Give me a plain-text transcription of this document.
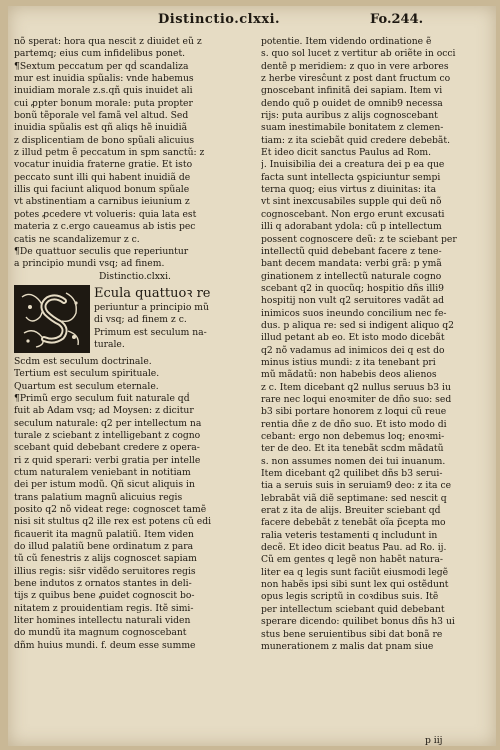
Distinctio.clxxi.	Fo.244.
nõ sperat: hora qua nescit z diuidet eũ z
partemq; eius cum infidelibus ponet.
¶Sextum peccatum per qḋ scandaliza
mur est inuidia spũalis: vnde habemus
inuidiam morale z.s.qñ quis inuidet ali
cui ꝓpter bonum morale: puta propter
bonũ tẽporale vel famã vel altud. Sed
inuidia spũalis est qñ aliqs hẽ inuidiã
z displicentiam de bono spũali alicuius
z illud petm ẽ peccatum in spm sanctũ: z
vocatur inuidia fraterne gratie. Et isto
peccato sunt illi qui habent inuidiã de
illis qui faciunt aliquod bonum spũale
vt abstinentiam a carnibus ieiunium z
potes ꝓcedere vt volueris: quia lata est
materia z c.ergo caueamus ab istis pec
catis ne scandalizemur z c.
¶De quattuor seculis que reperiuntur
a principio mundi vsq; ad finem.
Distinctio.clxxi.
Ecula quattuoꝛ re
periuntur a principio mũ
di vsq; ad finem z c.
Primum est seculum na-
turale.
Scdm est seculum doctrinale.
Tertium est seculum spirituale.
Quartum est seculum eternale.
¶Primũ ergo seculum fuit naturale qḋ
fuit ab Adam vsq; ad Moysen: z dicitur
seculum naturale: q2 per intellectum na
turale z sciebant z intelligebant z cogno
scebant quid debebant credere z opera-
ri z quid sperari: verbi gratia per intelle
ctum naturalem veniebant in notitiam
dei per istum modũ. Qñ sicut aliquis in
trans palatium magnũ alicuius regis
posito q2 nõ videat rege: cognoscet tamẽ
nisi sit stultus q2 ille rex est potens cũ edi
ficauerit ita magnũ palatiũ. Item viden
do illud palatiũ bene ordinatum z para
tũ cũ fenestris z alijs cognoscet sapiam
illius regis: sis̃r vidẽdo seruitores regis
bene indutos z ornatos stantes in deli-
tijs z quibus bene ꝓuidet cognoscit bo-
nitatem z prouidentiam regis. Itẽ simi-
liter homines intellectu naturali viden
do mundũ ita magnum cognoscebant
dñm huius mundi. f. deum esse summe
potentie. Item videndo ordinatione ẽ
s. quo sol lucet z vertitur ab oriẽte in occi
dentẽ p meridiem: z quo in vere arbores
z herbe viresĉunt z post dant fructum co
gnoscebant infinitã dei sapiam. Item vi
dendo quõ p ouidet de omnib9 necessa
rijs: puta auribus z alijs cognoscebant
suam inestimabile bonitatem z clemen-
tiam: z ita sciebãt quid credere debebãt.
Et ideo dicit sanctus Paulus ad Rom.
j. Inuisibilia dei a creatura dei p ea que
facta sunt intellecta ꝯspiciuntur sempi
terna quoq; eius virtus z diuinitas: ita
vt sint inexcusabiles supple qui deũ nõ
cognoscebant. Non ergo erunt excusati
illi q adorabant ydola: cũ p intellectum
possent cognoscere deũ: z te sciebant per
intellectũ quid debebant facere z tene-
bant decem mandata: verbi grã: p ymã
ginationem z intellectũ naturale cogno
scebant q2 in quocũq; hospitio dñs illi9
hospitij non vult q2 seruitores vadãt ad
inimicos suos ineundo concilium nec fe-
dus. p aliqua re: sed si indigent aliquo q2
illud petant ab eo. Et isto modo dicebãt
q2 nõ vadamus ad inimicos dei q est do
minus istius mundi: z ita tenebant pri
mũ mãdatũ: non habebis deos alienos
z c. Item dicebant q2 nullus seruus b3 iu
rare nec loqui enoꝛmiter de dño suo: sed
b3 sibi portare honorem z loqui cũ reue
rentia dñe z de dño suo. Et isto modo di
cebant: ergo non debemus loq; enoꝛmi-
ter de deo. Et ita tenebãt scdm mãdatũ
s. non assumes nomen dei tui inuanum.
Item dicebant q2 quilibet dñs b3 serui-
tia a seruis suis in seruiam9 deo: z ita ce
lebrabãt viã diẽ septimane: sed nescit q
erat z ita de alijs. Breuiter sciebant qḋ
facere debebãt z tenebãt oĩa p̃cepta mo
ralia veteris testamenti q includunt in
decẽ. Et ideo dicit beatus Pau. ad Ro. ij.
Cũ em gentes q legẽ non habẽt natura-
liter ea q legis sunt faciũt eiusmodi legẽ
non habẽs ipsi sibi sunt lex qui ostẽdunt
opus legis scriptũ in coꝛdibus suis. Itẽ
per intellectum sciebant quid debebant
sperare dicendo: quilibet bonus dñs h3 ui
stus bene seruientibus sibi dat bonã re
munerationem z malis dat pnam siue
p iij
